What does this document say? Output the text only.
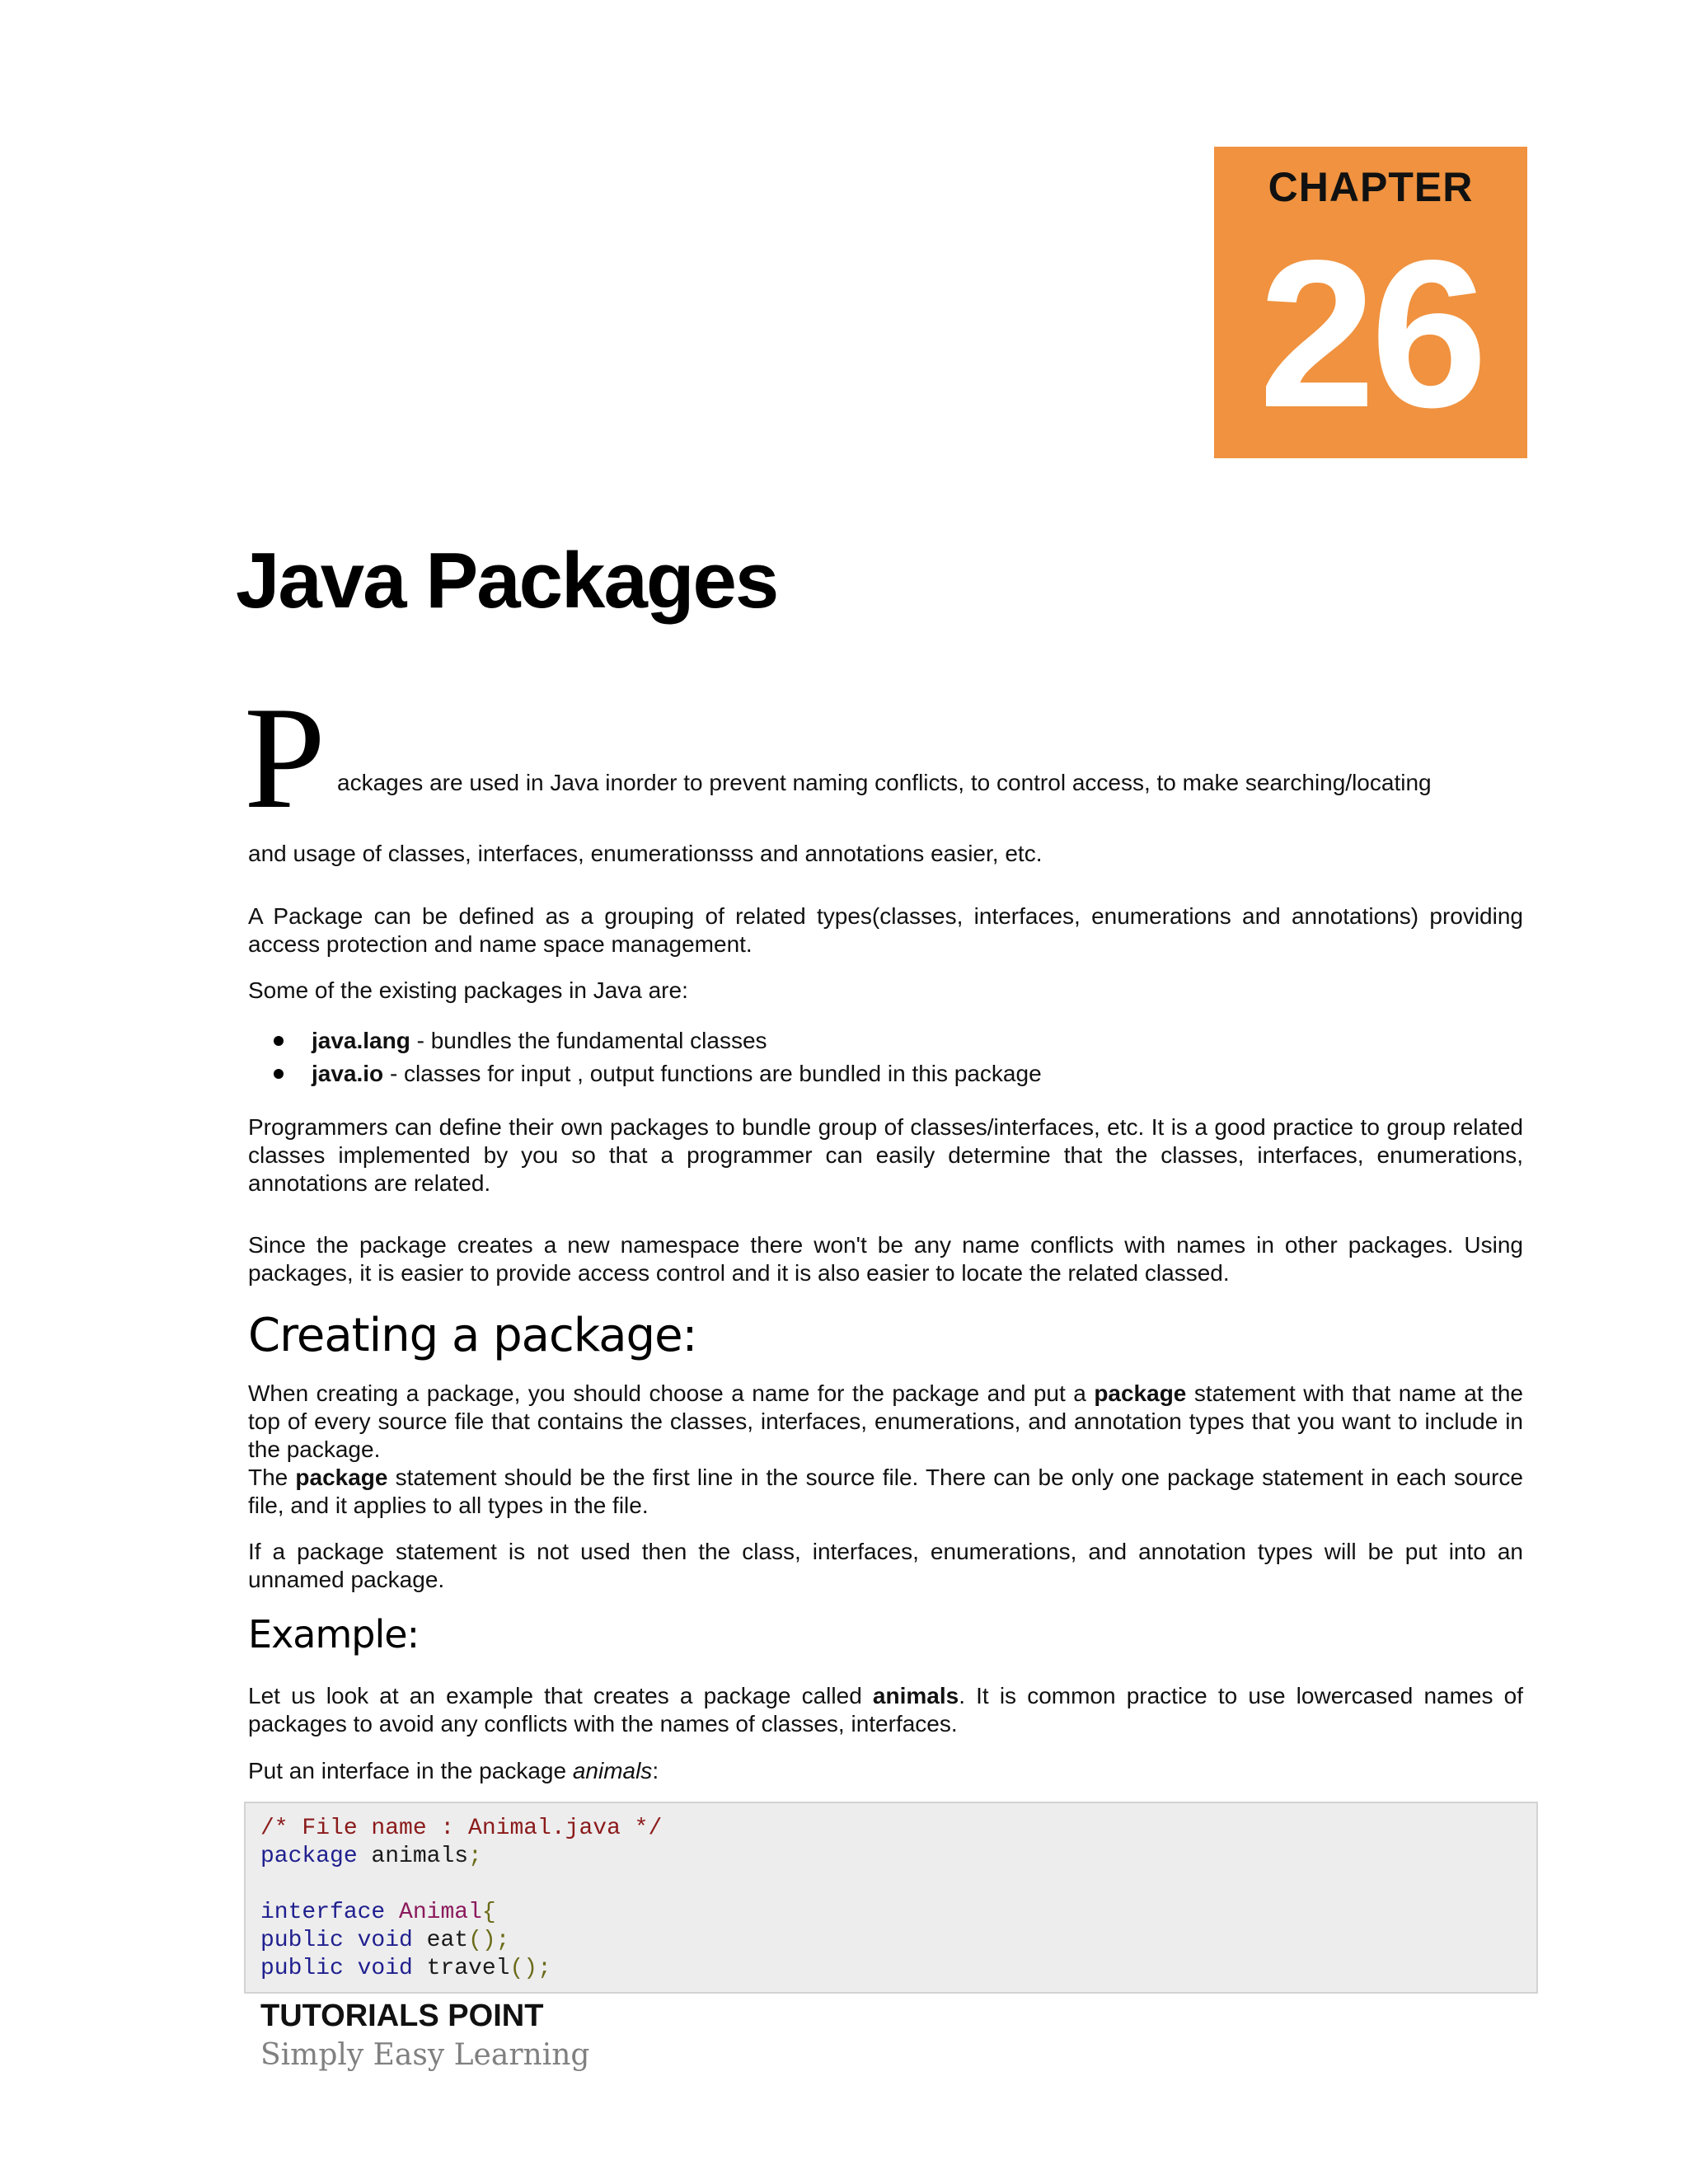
CHAPTER
26
Java Packages
P ackages are used in Java inorder to prevent naming conflicts, to control access, to make searching/locating

and usage of classes, interfaces, enumerationsss and annotations easier, etc.

A Package can be defined as a grouping of related types(classes, interfaces, enumerations and annotations) providing access protection and name space management.

Some of the existing packages in Java are:

java.lang - bundles the fundamental classes
java.io - classes for input , output functions are bundled in this package

Programmers can define their own packages to bundle group of classes/interfaces, etc. It is a good practice to group related classes implemented by you so that a programmer can easily determine that the classes, interfaces, enumerations, annotations are related.

Since the package creates a new namespace there won't be any name conflicts with names in other packages. Using packages, it is easier to provide access control and it is also easier to locate the related classed.

Creating a package:

When creating a package, you should choose a name for the package and put a package statement with that name at the top of every source file that contains the classes, interfaces, enumerations, and annotation types that you want to include in the package.

The package statement should be the first line in the source file. There can be only one package statement in each source file, and it applies to all types in the file.

If a package statement is not used then the class, interfaces, enumerations, and annotation types will be put into an unnamed package.

Example:

Let us look at an example that creates a package called animals. It is common practice to use lowercased names of packages to avoid any conflicts with the names of classes, interfaces.

Put an interface in the package animals:

/* File name : Animal.java */
package animals;
interface Animal{
public void eat();
public void travel();
TUTORIALS POINT
Simply Easy Learning
